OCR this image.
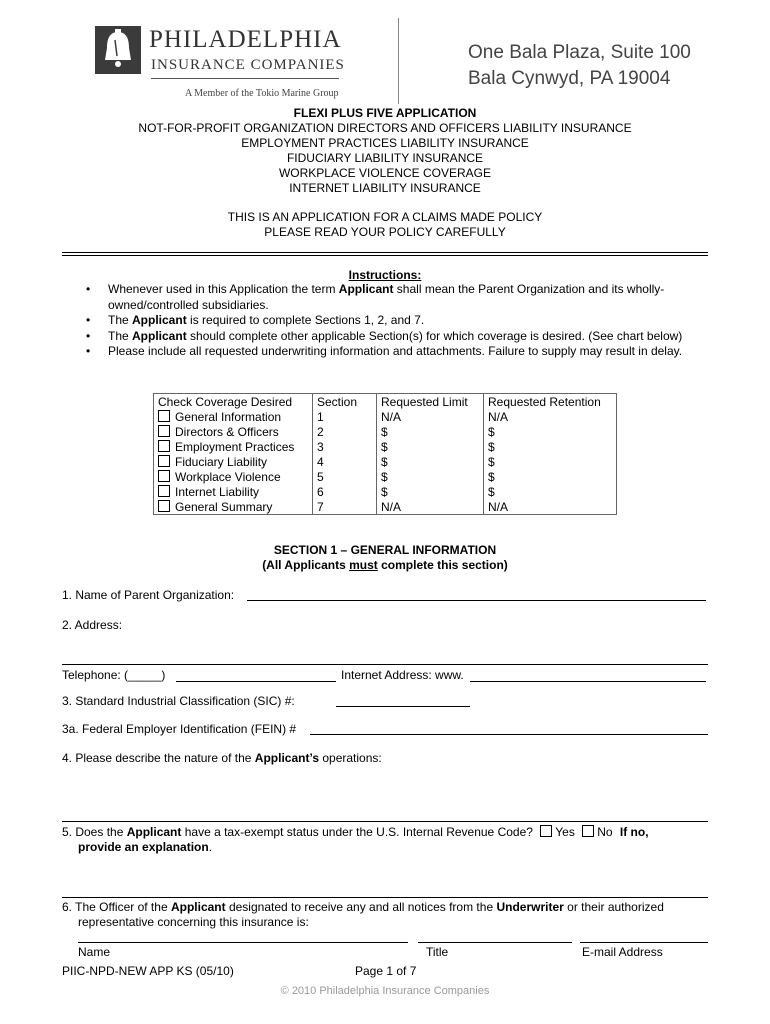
PHILADELPHIA
INSURANCE COMPANIES
A Member of the Tokio Marine Group
One Bala Plaza, Suite 100
Bala Cynwyd, PA 19004
FLEXI PLUS FIVE APPLICATION
NOT-FOR-PROFIT ORGANIZATION DIRECTORS AND OFFICERS LIABILITY INSURANCE
EMPLOYMENT PRACTICES LIABILITY INSURANCE
FIDUCIARY LIABILITY INSURANCE
WORKPLACE VIOLENCE COVERAGE
INTERNET LIABILITY INSURANCE
THIS IS AN APPLICATION FOR A CLAIMS MADE POLICY
PLEASE READ YOUR POLICY CAREFULLY
Instructions:
• Whenever used in this Application the term Applicant shall mean the Parent Organization and its wholly-owned/controlled subsidiaries.
• The Applicant is required to complete Sections 1, 2, and 7.
• The Applicant should complete other applicable Section(s) for which coverage is desired. (See chart below)
• Please include all requested underwriting information and attachments. Failure to supply may result in delay.
Check Coverage Desired	Section	Requested Limit	Requested Retention
General Information	1	N/A	N/A
Directors & Officers	2	$	$
Employment Practices	3	$	$
Fiduciary Liability	4	$	$
Workplace Violence	5	$	$
Internet Liability	6	$	$
General Summary	7	N/A	N/A
SECTION 1 – GENERAL INFORMATION
(All Applicants must complete this section)
1. Name of Parent Organization:
2. Address:
Telephone: (_____)	Internet Address: www.
3. Standard Industrial Classification (SIC) #:
3a. Federal Employer Identification (FEIN) #
4. Please describe the nature of the Applicant’s operations:
5. Does the Applicant have a tax-exempt status under the U.S. Internal Revenue Code? Yes No If no,
provide an explanation.
6. The Officer of the Applicant designated to receive any and all notices from the Underwriter or their authorized
representative concerning this insurance is:
Name	Title	E-mail Address
PIIC-NPD-NEW APP KS (05/10)	Page 1 of 7
© 2010 Philadelphia Insurance Companies
